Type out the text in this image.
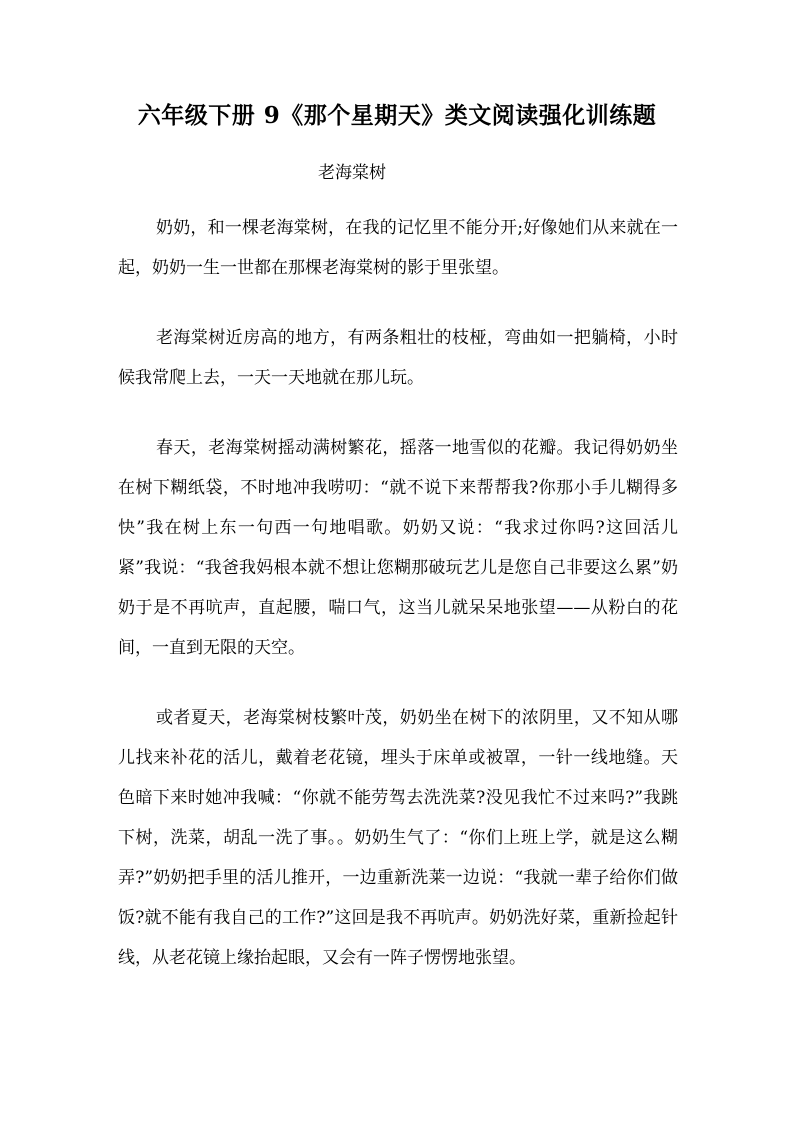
六年级下册 9《那个星期天》类文阅读强化训练题
老海棠树

奶奶，和一棵老海棠树，在我的记忆里不能分开;好像她们从来就在一起，奶奶一生一世都在那棵老海棠树的影于里张望。

老海棠树近房高的地方，有两条粗壮的枝桠，弯曲如一把躺椅，小时候我常爬上去，一天一天地就在那儿玩。

春天，老海棠树摇动满树繁花，摇落一地雪似的花瓣。我记得奶奶坐在树下糊纸袋，不时地冲我唠叨：“就不说下来帮帮我?你那小手儿糊得多快”我在树上东一句西一句地唱歌。奶奶又说：“我求过你吗?这回活儿紧”我说：“我爸我妈根本就不想让您糊那破玩艺儿是您自己非要这么累”奶奶于是不再吭声，直起腰，喘口气，这当儿就呆呆地张望——从粉白的花间，一直到无限的天空。

或者夏天，老海棠树枝繁叶茂，奶奶坐在树下的浓阴里，又不知从哪儿找来补花的活儿，戴着老花镜，埋头于床单或被罩，一针一线地缝。天色暗下来时她冲我喊：“你就不能劳驾去洗洗菜?没见我忙不过来吗?”我跳下树，洗菜，胡乱一洗了事。。奶奶生气了：“你们上班上学，就是这么糊弄?”奶奶把手里的活儿推开，一边重新洗莱一边说：“我就一辈子给你们做饭?就不能有我自己的工作?”这回是我不再吭声。奶奶洗好菜，重新捡起针线，从老花镜上缘抬起眼，又会有一阵子愣愣地张望。
